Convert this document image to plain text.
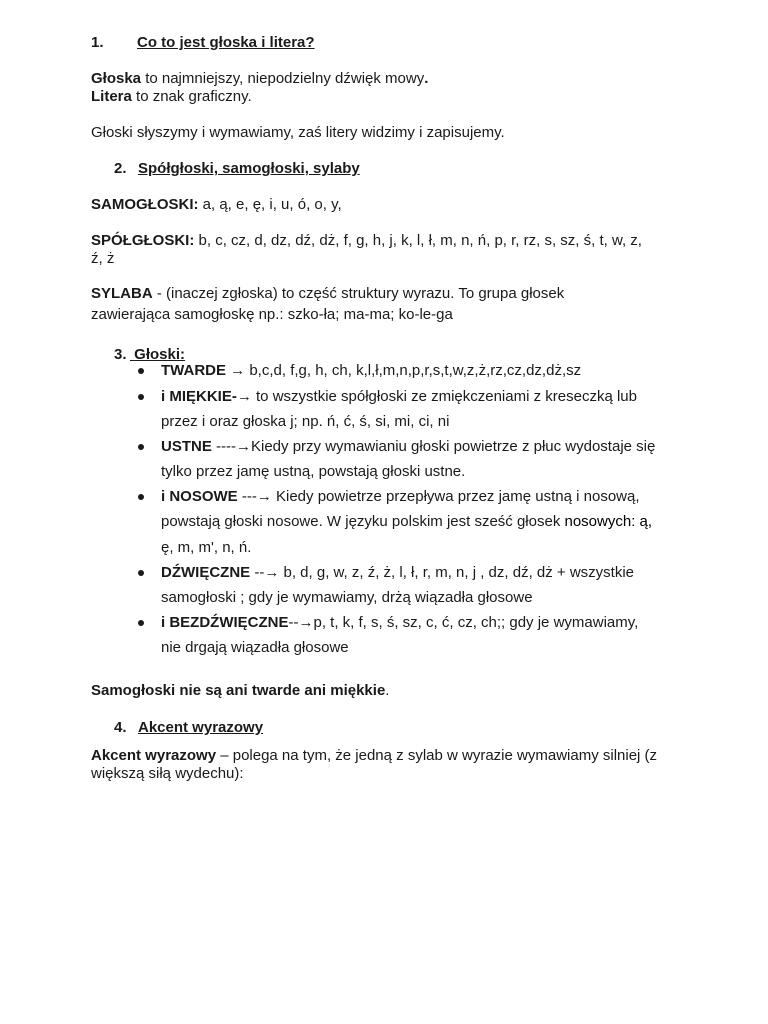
1. Co to jest głoska i litera?
Głoska to najmniejszy, niepodzielny dźwięk mowy.
Litera to znak graficzny.
Głoski słyszymy i wymawiamy, zaś litery widzimy i zapisujemy.
2. Spółgłoski, samogłoski, sylaby
SAMOGŁOSKI: a, ą, e, ę, i, u, ó, o, y,
SPÓŁGŁOSKI: b, c, cz, d, dz, dź, dż, f, g, h, j, k, l, ł, m, n, ń, p, r, rz, s, sz, ś, t, w, z,
ź, ż
SYLABA - (inaczej zgłoska) to część struktury wyrazu. To grupa głosek
zawierająca samogłoskę np.: szko-ła; ma-ma; ko-le-ga
3. Głoski:
TWARDE → b,c,d, f,g, h, ch, k,l,ł,m,n,p,r,s,t,w,z,ż,rz,cz,dz,dż,sz
i MIĘKKIE-→ to wszystkie spółgłoski ze zmiękczeniami z kreseczką lub
przez i oraz głoska j; np. ń, ć, ś, si, mi, ci, ni
USTNE ----→Kiedy przy wymawianiu głoski powietrze z płuc wydostaje się
tylko przez jamę ustną, powstają głoski ustne.
i NOSOWE ---→ Kiedy powietrze przepływa przez jamę ustną i nosową,
powstają głoski nosowe. W języku polskim jest sześć głosek nosowych: ą,
ę, m, m', n, ń.
DŹWIĘCZNE --→ b, d, g, w, z, ź, ż, l, ł, r, m, n, j , dz, dź, dż + wszystkie
samogłoski ; gdy je wymawiamy, drżą wiązadła głosowe
i BEZDŹWIĘCZNE--→p, t, k, f, s, ś, sz, c, ć, cz, ch;; gdy je wymawiamy,
nie drgają wiązadła głosowe
Samogłoski nie są ani twarde ani miękkie.
4. Akcent wyrazowy
Akcent wyrazowy – polega na tym, że jedną z sylab w wyrazie wymawiamy silniej (z
większą siłą wydechu):
